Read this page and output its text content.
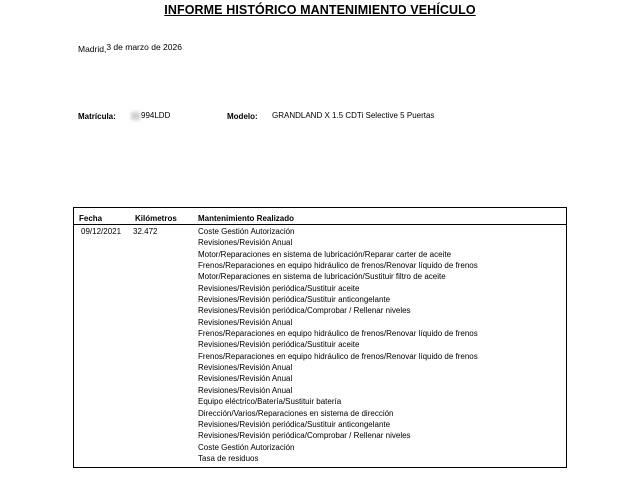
INFORME HISTÓRICO MANTENIMIENTO VEHÍCULO
Madrid,3 de marzo de 2026
Matrícula:	994LDD	Modelo: GRANDLAND X 1.5 CDTi Selective 5 Puertas
Fecha	Kilómetros	Mantenimiento Realizado
09/12/2021 32.472	Coste Gestión Autorización
Revisiones/Revisión Anual
Motor/Reparaciones en sistema de lubricación/Reparar carter de aceite
Frenos/Reparaciones en equipo hidráulico de frenos/Renovar líquido de frenos
Motor/Reparaciones en sistema de lubricación/Sustituir filtro de aceite
Revisiones/Revisión periódica/Sustituir aceite
Revisiones/Revisión periódica/Sustituir anticongelante
Revisiones/Revisión periódica/Comprobar / Rellenar niveles
Revisiones/Revisión Anual
Frenos/Reparaciones en equipo hidráulico de frenos/Renovar líquido de frenos
Revisiones/Revisión periódica/Sustituir aceite
Frenos/Reparaciones en equipo hidráulico de frenos/Renovar líquido de frenos
Revisiones/Revisión Anual
Revisiones/Revisión Anual
Revisiones/Revisión Anual
Equipo eléctrico/Batería/Sustituir batería
Dirección/Varios/Reparaciones en sistema de dirección
Revisiones/Revisión periódica/Sustituir anticongelante
Revisiones/Revisión periódica/Comprobar / Rellenar niveles
Coste Gestión Autorización
Tasa de residuos
